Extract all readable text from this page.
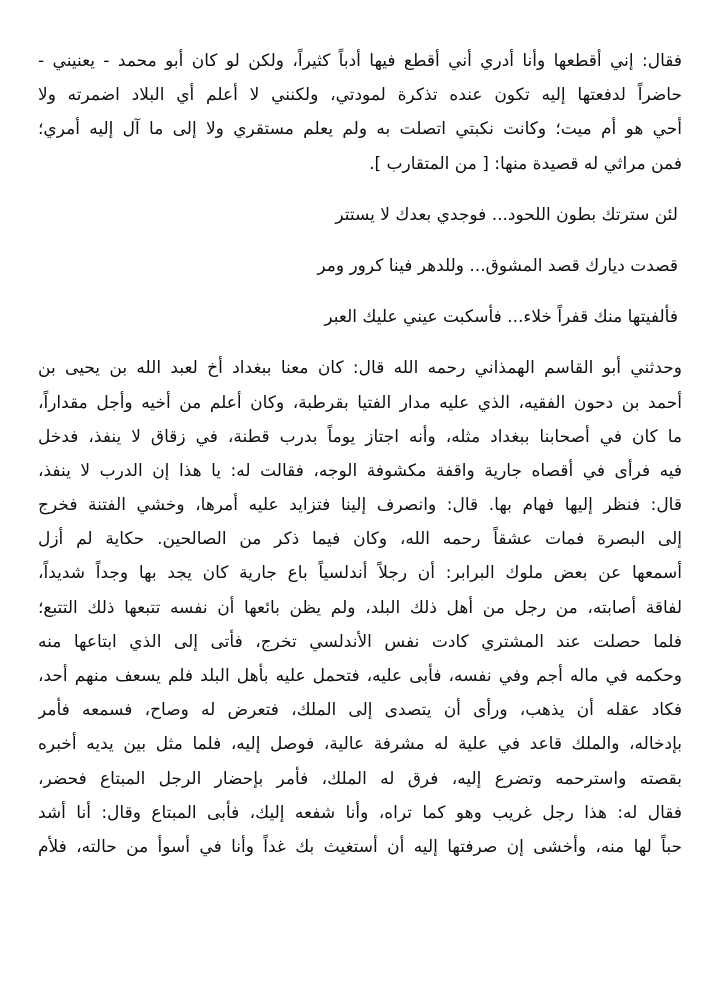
فقال: إني أقطعها وأنا أدري أني أقطع فيها أدباً كثيراً، ولكن لو كان أبو محمد - يعنيني -
حاضراً لدفعتها إليه تكون عنده تذكرة لمودتي، ولكنني لا أعلم أي البلاد اضمرته ولا
أحي هو أم ميت؛ وكانت نكبتي اتصلت به ولم يعلم مستقري ولا إلى ما آل إليه أمري؛
فمن مراثي له قصيدة منها: [ من المتقارب ].
لئن سترتك بطون اللحود... فوجدي بعدك لا يستتر
قصدت ديارك قصد المشوق... وللدهر فينا كرور ومر
فألفيتها منك قفراً خلاء... فأسكبت عيني عليك العبر
وحدثني أبو القاسم الهمذاني رحمه الله قال: كان معنا ببغداد أخ لعبد الله بن يحيى بن
أحمد بن دحون الفقيه، الذي عليه مدار الفتيا بقرطبة، وكان أعلم من أخيه وأجل مقداراً،
ما كان في أصحابنا ببغداد مثله، وأنه اجتاز يوماً بدرب قطنة، في زقاق لا ينفذ، فدخل
فيه فرأى في أقصاه جارية واقفة مكشوفة الوجه، فقالت له: يا هذا إن الدرب لا ينفذ،
قال: فنظر إليها فهام بها. قال: وانصرف إلينا فتزايد عليه أمرها، وخشي الفتنة فخرج
إلى البصرة فمات عشقاً رحمه الله، وكان فيما ذكر من الصالحين. حكاية لم أزل
أسمعها عن بعض ملوك البرابر: أن رجلاً أندلسياً باع جارية كان يجد بها وجداً شديداً،
لفاقة أصابته، من رجل من أهل ذلك البلد، ولم يظن بائعها أن نفسه تتبعها ذلك التتبع؛
فلما حصلت عند المشتري كادت نفس الأندلسي تخرج، فأتى إلى الذي ابتاعها منه
وحكمه في ماله أجم وفي نفسه، فأبى عليه، فتحمل عليه بأهل البلد فلم يسعف منهم أحد،
فكاد عقله أن يذهب، ورأى أن يتصدى إلى الملك، فتعرض له وصاح، فسمعه فأمر
بإدخاله، والملك قاعد في علية له مشرفة عالية، فوصل إليه، فلما مثل بين يديه أخبره
بقصته واسترحمه وتضرع إليه، فرق له الملك، فأمر بإحضار الرجل المبتاع فحضر،
فقال له: هذا رجل غريب وهو كما تراه، وأنا شفعه إليك، فأبى المبتاع وقال: أنا أشد
حباً لها منه، وأخشى إن صرفتها إليه أن أستغيث بك غداً وأنا في أسوأ من حالته، فلأم
